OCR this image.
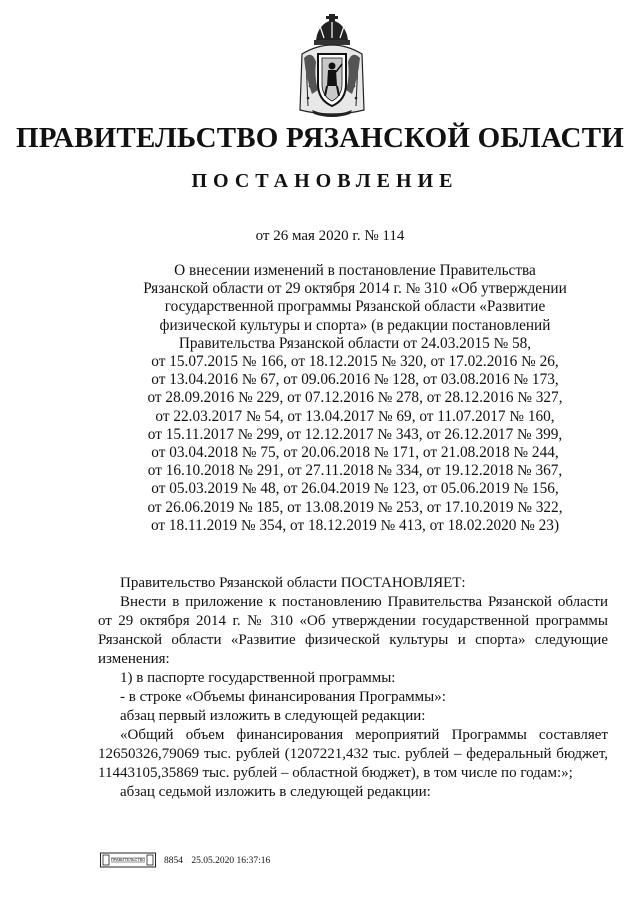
ПРАВИТЕЛЬСТВО РЯЗАНСКОЙ ОБЛАСТИ
ПОСТАНОВЛЕНИЕ
от 26 мая 2020 г. № 114
О внесении изменений в постановление Правительства
Рязанской области от 29 октября 2014 г. № 310 «Об утверждении
государственной программы Рязанской области «Развитие
физической культуры и спорта» (в редакции постановлений
Правительства Рязанской области от 24.03.2015 № 58,
от 15.07.2015 № 166, от 18.12.2015 № 320, от 17.02.2016 № 26,
от 13.04.2016 № 67, от 09.06.2016 № 128, от 03.08.2016 № 173,
от 28.09.2016 № 229, от 07.12.2016 № 278, от 28.12.2016 № 327,
от 22.03.2017 № 54, от 13.04.2017 № 69, от 11.07.2017 № 160,
от 15.11.2017 № 299, от 12.12.2017 № 343, от 26.12.2017 № 399,
от 03.04.2018 № 75, от 20.06.2018 № 171, от 21.08.2018 № 244,
от 16.10.2018 № 291, от 27.11.2018 № 334, от 19.12.2018 № 367,
от 05.03.2019 № 48, от 26.04.2019 № 123, от 05.06.2019 № 156,
от 26.06.2019 № 185, от 13.08.2019 № 253, от 17.10.2019 № 322,
от 18.11.2019 № 354, от 18.12.2019 № 413, от 18.02.2020 № 23)
Правительство Рязанской области ПОСТАНОВЛЯЕТ:
Внести в приложение к постановлению Правительства Рязанской области от 29 октября 2014 г. № 310 «Об утверждении государственной программы Рязанской области «Развитие физической культуры и спорта» следующие изменения:
1) в паспорте государственной программы:
- в строке «Объемы финансирования Программы»:
абзац первый изложить в следующей редакции:
«Общий объем финансирования мероприятий Программы составляет 12650326,79069 тыс. рублей (1207221,432 тыс. рублей – федеральный бюджет, 11443105,35869 тыс. рублей – областной бюджет), в том числе по годам:»;
абзац седьмой изложить в следующей редакции:
ПРАВИТЕЛЬСТВО 8854 25.05.2020 16:37:16
